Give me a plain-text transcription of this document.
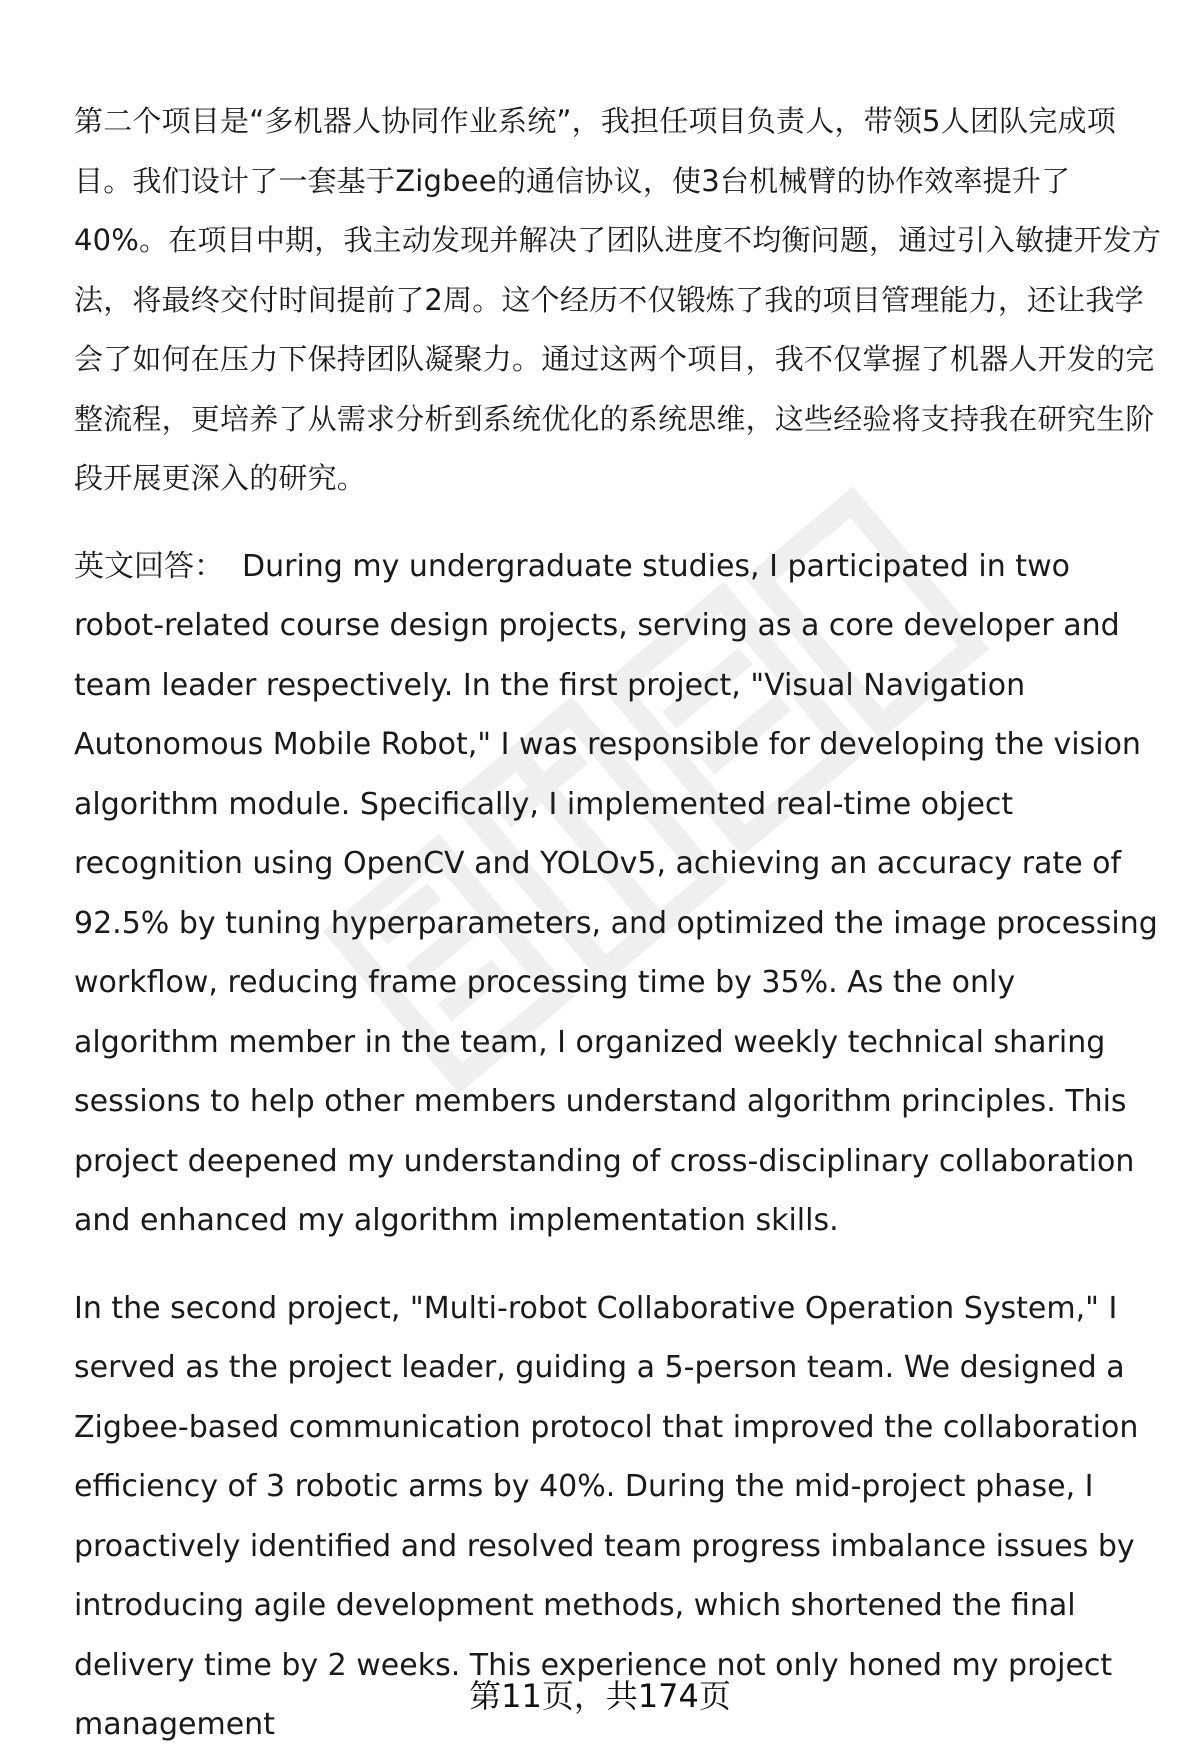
第二个项目是“多机器人协同作业系统”，我担任项目负责人，带领5人团队完成项目。我们设计了一套基于Zigbee的通信协议，使3台机械臂的协作效率提升了40%。在项目中期，我主动发现并解决了团队进度不均衡问题，通过引入敏捷开发方法，将最终交付时间提前了2周。这个经历不仅锻炼了我的项目管理能力，还让我学会了如何在压力下保持团队凝聚力。通过这两个项目，我不仅掌握了机器人开发的完整流程，更培养了从需求分析到系统优化的系统思维，这些经验将支持我在研究生阶段开展更深入的研究。

英文回答： During my undergraduate studies, I participated in two robot-related course design projects, serving as a core developer and team leader respectively. In the first project, "Visual Navigation Autonomous Mobile Robot," I was responsible for developing the vision algorithm module. Specifically, I implemented real-time object recognition using OpenCV and YOLOv5, achieving an accuracy rate of 92.5% by tuning hyperparameters, and optimized the image processing workflow, reducing frame processing time by 35%. As the only algorithm member in the team, I organized weekly technical sharing sessions to help other members understand algorithm principles. This project deepened my understanding of cross-disciplinary collaboration and enhanced my algorithm implementation skills.

In the second project, "Multi-robot Collaborative Operation System," I served as the project leader, guiding a 5-person team. We designed a Zigbee-based communication protocol that improved the collaboration efficiency of 3 robotic arms by 40%. During the mid-project phase, I proactively identified and resolved team progress imbalance issues by introducing agile development methods, which shortened the final delivery time by 2 weeks. This experience not only honed my project management

第11页，共174页
